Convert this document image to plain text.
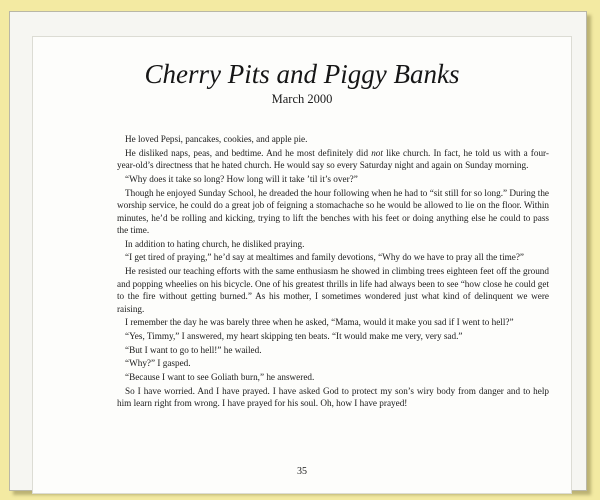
Cherry Pits and Piggy Banks
March 2000

He loved Pepsi, pancakes, cookies, and apple pie.

He disliked naps, peas, and bedtime. And he most definitely did not like church. In fact, he told us with a four-year-old’s directness that he hated church. He would say so every Saturday night and again on Sunday morning.

“Why does it take so long? How long will it take ’til it’s over?”

Though he enjoyed Sunday School, he dreaded the hour following when he had to “sit still for so long.” During the worship service, he could do a great job of feigning a stomachache so he would be allowed to lie on the floor. Within minutes, he’d be rolling and kicking, trying to lift the benches with his feet or doing anything else he could to pass the time.

In addition to hating church, he disliked praying.

“I get tired of praying,” he’d say at mealtimes and family devotions, “Why do we have to pray all the time?”

He resisted our teaching efforts with the same enthusiasm he showed in climbing trees eighteen feet off the ground and popping wheelies on his bicycle. One of his greatest thrills in life had always been to see “how close he could get to the fire without getting burned.” As his mother, I sometimes wondered just what kind of delinquent we were raising.

I remember the day he was barely three when he asked, “Mama, would it make you sad if I went to hell?”

“Yes, Timmy,” I answered, my heart skipping ten beats. “It would make me very, very sad.”

“But I want to go to hell!” he wailed.

“Why?” I gasped.

“Because I want to see Goliath burn,” he answered.

So I have worried. And I have prayed. I have asked God to protect my son’s wiry body from danger and to help him learn right from wrong. I have prayed for his soul. Oh, how I have prayed!

35
